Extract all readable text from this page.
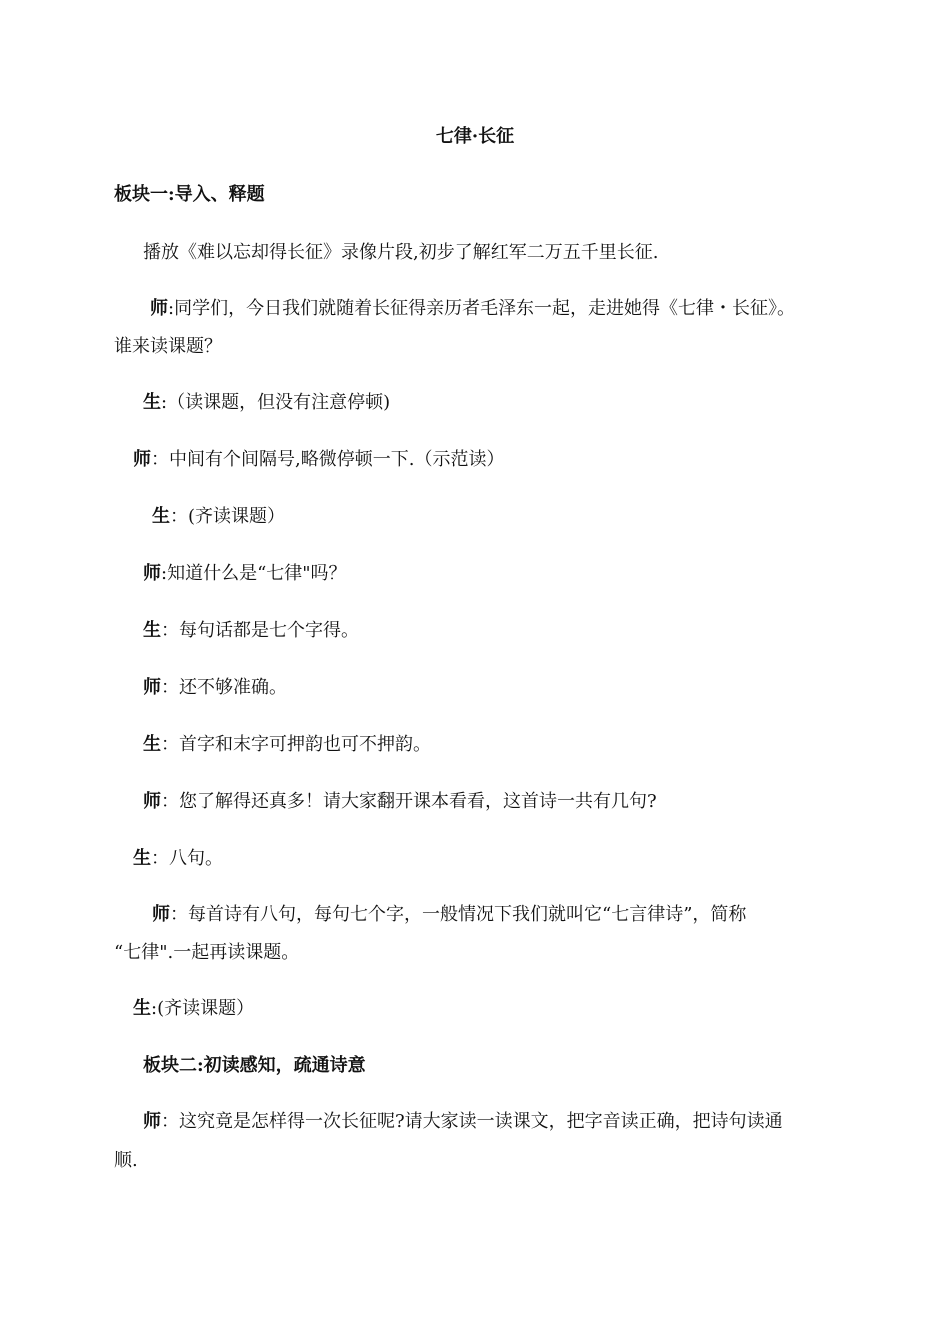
七律·长征
板块一:导入、释题
播放《难以忘却得长征》录像片段,初步了解红军二万五千里长征.
师:同学们，今日我们就随着长征得亲历者毛泽东一起，走进她得《七律・长征》。
谁来读课题？
生:（读课题，但没有注意停顿)
师：中间有个间隔号,略微停顿一下.（示范读）
生：(齐读课题）
师:知道什么是“七律"吗？
生：每句话都是七个字得。
师：还不够准确。
生：首字和末字可押韵也可不押韵。
师：您了解得还真多！请大家翻开课本看看，这首诗一共有几句?
生：八句。
师：每首诗有八句，每句七个字，一般情况下我们就叫它“七言律诗”，简称
“七律".一起再读课题。
生:(齐读课题）
板块二:初读感知，疏通诗意
师：这究竟是怎样得一次长征呢?请大家读一读课文，把字音读正确，把诗句读通
顺.
